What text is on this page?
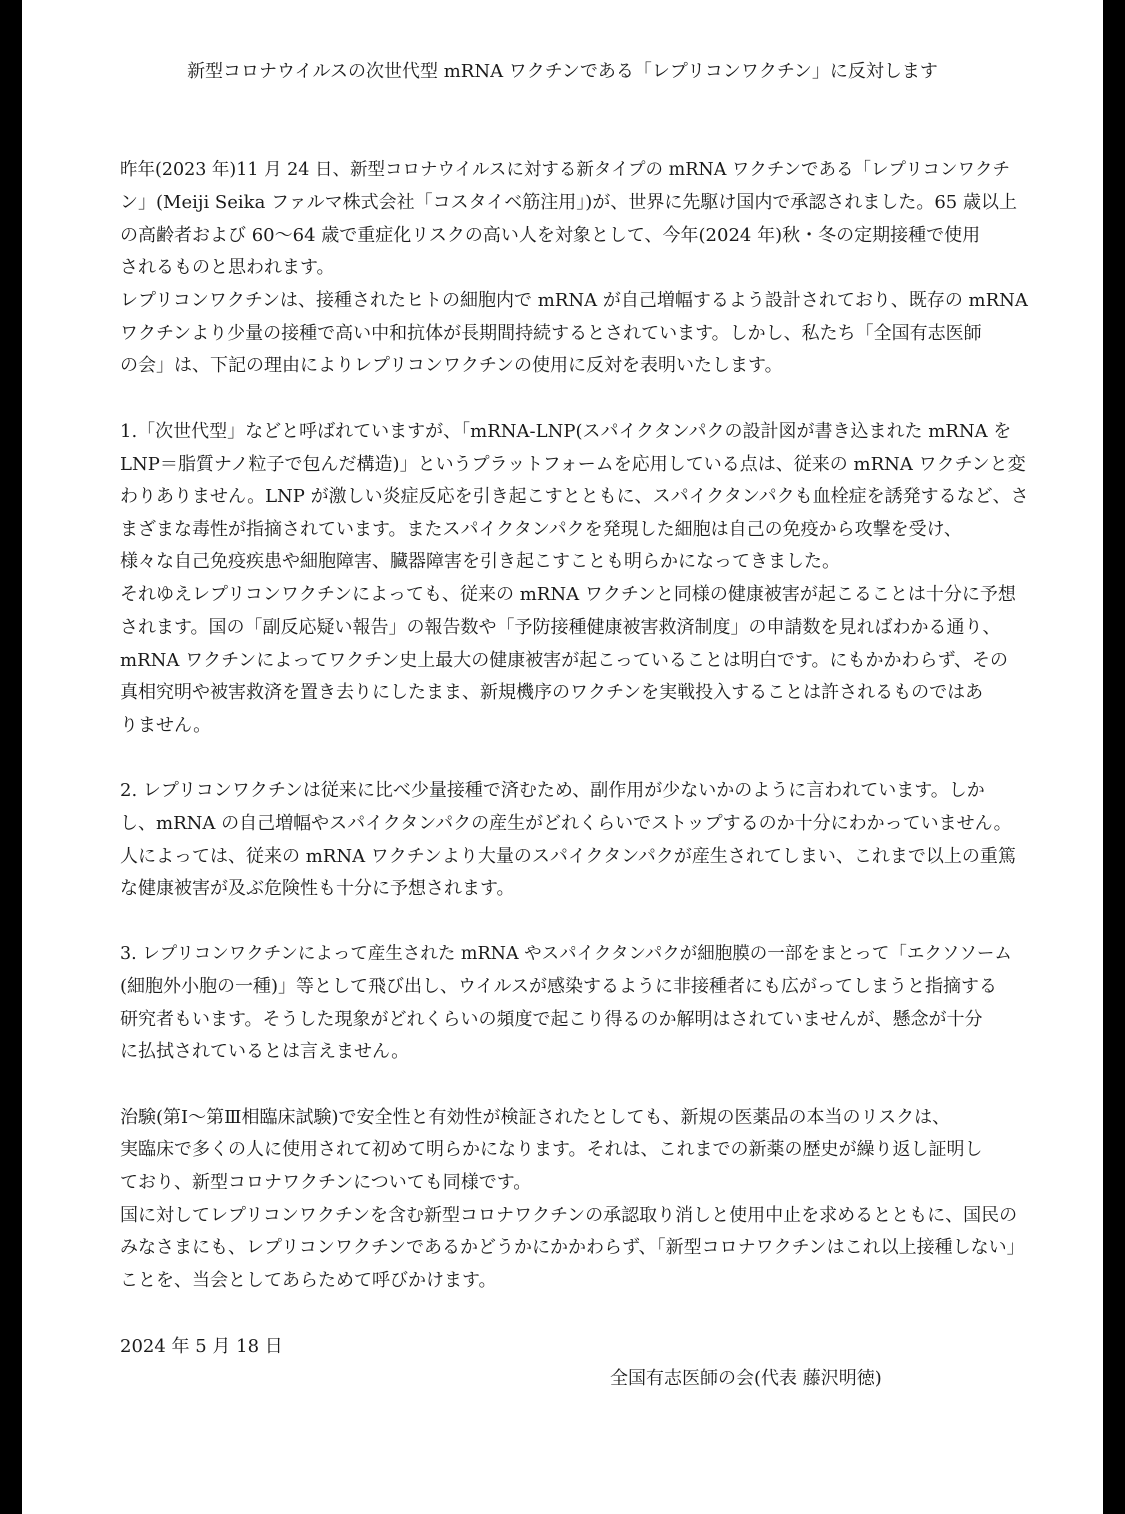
新型コロナウイルスの次世代型 mRNA ワクチンである「レプリコンワクチン」に反対します
昨年(2023 年)11 月 24 日、新型コロナウイルスに対する新タイプの mRNA ワクチンである「レプリコンワクチ
ン」(Meiji Seika ファルマ株式会社「コスタイベ筋注用」)が、世界に先駆け国内で承認されました。65 歳以上
の高齢者および 60〜64 歳で重症化リスクの高い人を対象として、今年(2024 年)秋・冬の定期接種で使用
されるものと思われます。
レプリコンワクチンは、接種されたヒトの細胞内で mRNA が自己増幅するよう設計されており、既存の mRNA
ワクチンより少量の接種で高い中和抗体が長期間持続するとされています。しかし、私たち「全国有志医師
の会」は、下記の理由によりレプリコンワクチンの使用に反対を表明いたします。
1.「次世代型」などと呼ばれていますが、「mRNA-LNP(スパイクタンパクの設計図が書き込まれた mRNA を
LNP＝脂質ナノ粒子で包んだ構造)」というプラットフォームを応用している点は、従来の mRNA ワクチンと変
わりありません。LNP が激しい炎症反応を引き起こすとともに、スパイクタンパクも血栓症を誘発するなど、さ
まざまな毒性が指摘されています。またスパイクタンパクを発現した細胞は自己の免疫から攻撃を受け、
様々な自己免疫疾患や細胞障害、臓器障害を引き起こすことも明らかになってきました。
それゆえレプリコンワクチンによっても、従来の mRNA ワクチンと同様の健康被害が起こることは十分に予想
されます。国の「副反応疑い報告」の報告数や「予防接種健康被害救済制度」の申請数を見ればわかる通り、
mRNA ワクチンによってワクチン史上最大の健康被害が起こっていることは明白です。にもかかわらず、その
真相究明や被害救済を置き去りにしたまま、新規機序のワクチンを実戦投入することは許されるものではあ
りません。
2. レプリコンワクチンは従来に比べ少量接種で済むため、副作用が少ないかのように言われています。しか
し、mRNA の自己増幅やスパイクタンパクの産生がどれくらいでストップするのか十分にわかっていません。
人によっては、従来の mRNA ワクチンより大量のスパイクタンパクが産生されてしまい、これまで以上の重篤
な健康被害が及ぶ危険性も十分に予想されます。
3. レプリコンワクチンによって産生された mRNA やスパイクタンパクが細胞膜の一部をまとって「エクソソーム
(細胞外小胞の一種)」等として飛び出し、ウイルスが感染するように非接種者にも広がってしまうと指摘する
研究者もいます。そうした現象がどれくらいの頻度で起こり得るのか解明はされていませんが、懸念が十分
に払拭されているとは言えません。
治験(第Ⅰ〜第Ⅲ相臨床試験)で安全性と有効性が検証されたとしても、新規の医薬品の本当のリスクは、
実臨床で多くの人に使用されて初めて明らかになります。それは、これまでの新薬の歴史が繰り返し証明し
ており、新型コロナワクチンについても同様です。
国に対してレプリコンワクチンを含む新型コロナワクチンの承認取り消しと使用中止を求めるとともに、国民の
みなさまにも、レプリコンワクチンであるかどうかにかかわらず、「新型コロナワクチンはこれ以上接種しない」
ことを、当会としてあらためて呼びかけます。
2024 年 5 月 18 日
全国有志医師の会(代表 藤沢明徳)
